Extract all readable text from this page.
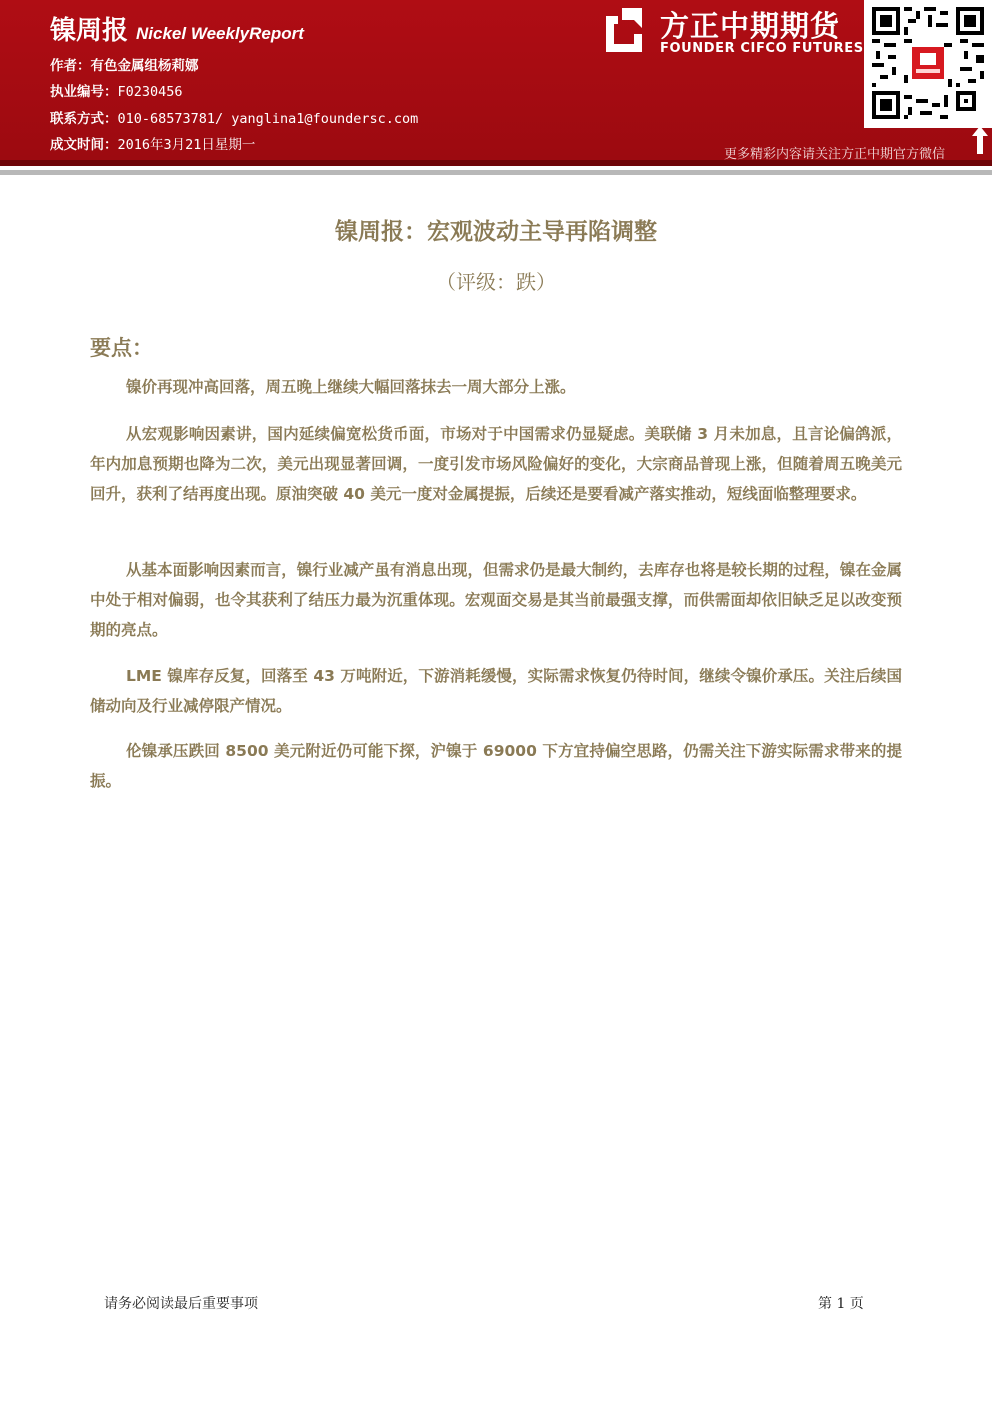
镍周报 Nickel WeeklyReport
作者：有色金属组杨莉娜
执业编号：F0230456
联系方式：010-68573781/ yanglina1@foundersc.com
成文时间：2016年3月21日星期一
方正中期期货
FOUNDER CIFCO FUTURES
更多精彩内容请关注方正中期官方微信
镍周报：宏观波动主导再陷调整
（评级：跌）
要点：

镍价再现冲高回落，周五晚上继续大幅回落抹去一周大部分上涨。

从宏观影响因素讲，国内延续偏宽松货币面，市场对于中国需求仍显疑虑。美联储 3 月未加息，且言论偏鸽派，年内加息预期也降为二次，美元出现显著回调，一度引发市场风险偏好的变化，大宗商品普现上涨，但随着周五晚美元回升，获利了结再度出现。原油突破 40 美元一度对金属提振，后续还是要看减产落实推动，短线面临整理要求。

从基本面影响因素而言，镍行业减产虽有消息出现，但需求仍是最大制约，去库存也将是较长期的过程，镍在金属中处于相对偏弱，也令其获利了结压力最为沉重体现。宏观面交易是其当前最强支撑，而供需面却依旧缺乏足以改变预期的亮点。

LME 镍库存反复，回落至 43 万吨附近，下游消耗缓慢，实际需求恢复仍待时间，继续令镍价承压。关注后续国储动向及行业减停限产情况。

伦镍承压跌回 8500 美元附近仍可能下探，沪镍于 69000 下方宜持偏空思路，仍需关注下游实际需求带来的提振。

请务必阅读最后重要事项	第 1 页
